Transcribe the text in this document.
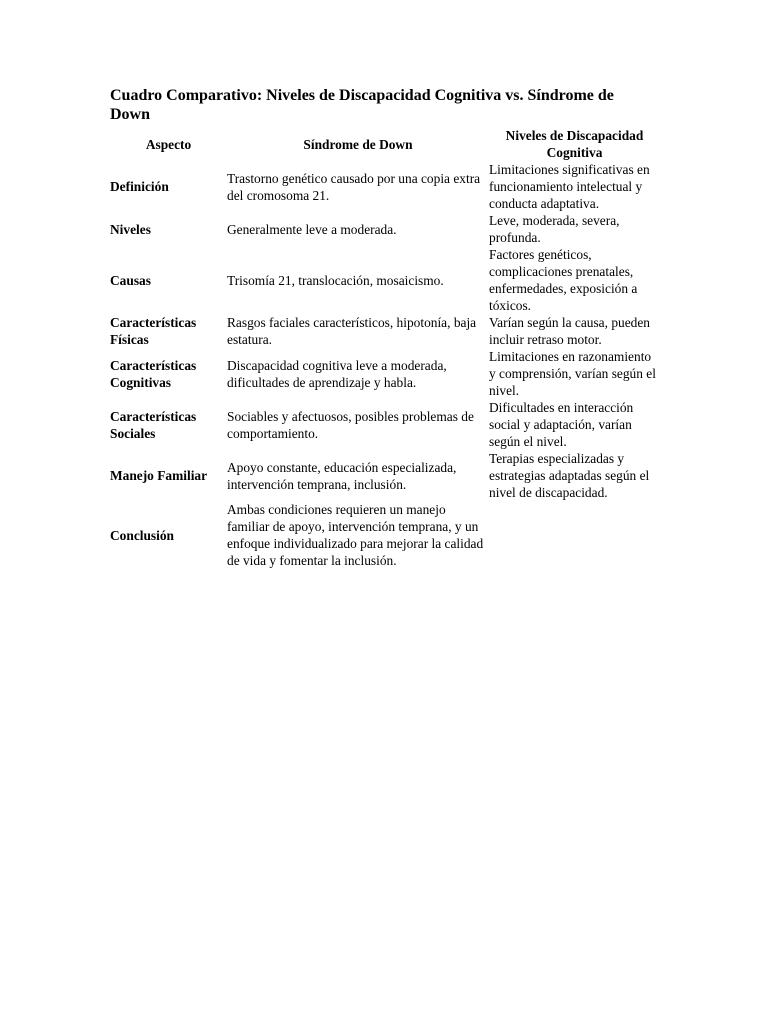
Cuadro Comparativo: Niveles de Discapacidad Cognitiva vs. Síndrome de Down
Aspecto	Síndrome de Down	Niveles de Discapacidad Cognitiva
Definición	Trastorno genético causado por una copia extra del cromosoma 21.	Limitaciones significativas en funcionamiento intelectual y conducta adaptativa.
Niveles	Generalmente leve a moderada.	Leve, moderada, severa, profunda.
Causas	Trisomía 21, translocación, mosaicismo.	Factores genéticos, complicaciones prenatales, enfermedades, exposición a tóxicos.
Características Físicas	Rasgos faciales característicos, hipotonía, baja estatura.	Varían según la causa, pueden incluir retraso motor.
Características Cognitivas	Discapacidad cognitiva leve a moderada, dificultades de aprendizaje y habla.	Limitaciones en razonamiento y comprensión, varían según el nivel.
Características Sociales	Sociables y afectuosos, posibles problemas de comportamiento.	Dificultades en interacción social y adaptación, varían según el nivel.
Manejo Familiar	Apoyo constante, educación especializada, intervención temprana, inclusión.	Terapias especializadas y estrategias adaptadas según el nivel de discapacidad.
Conclusión	Ambas condiciones requieren un manejo familiar de apoyo, intervención temprana, y un enfoque individualizado para mejorar la calidad de vida y fomentar la inclusión.	
